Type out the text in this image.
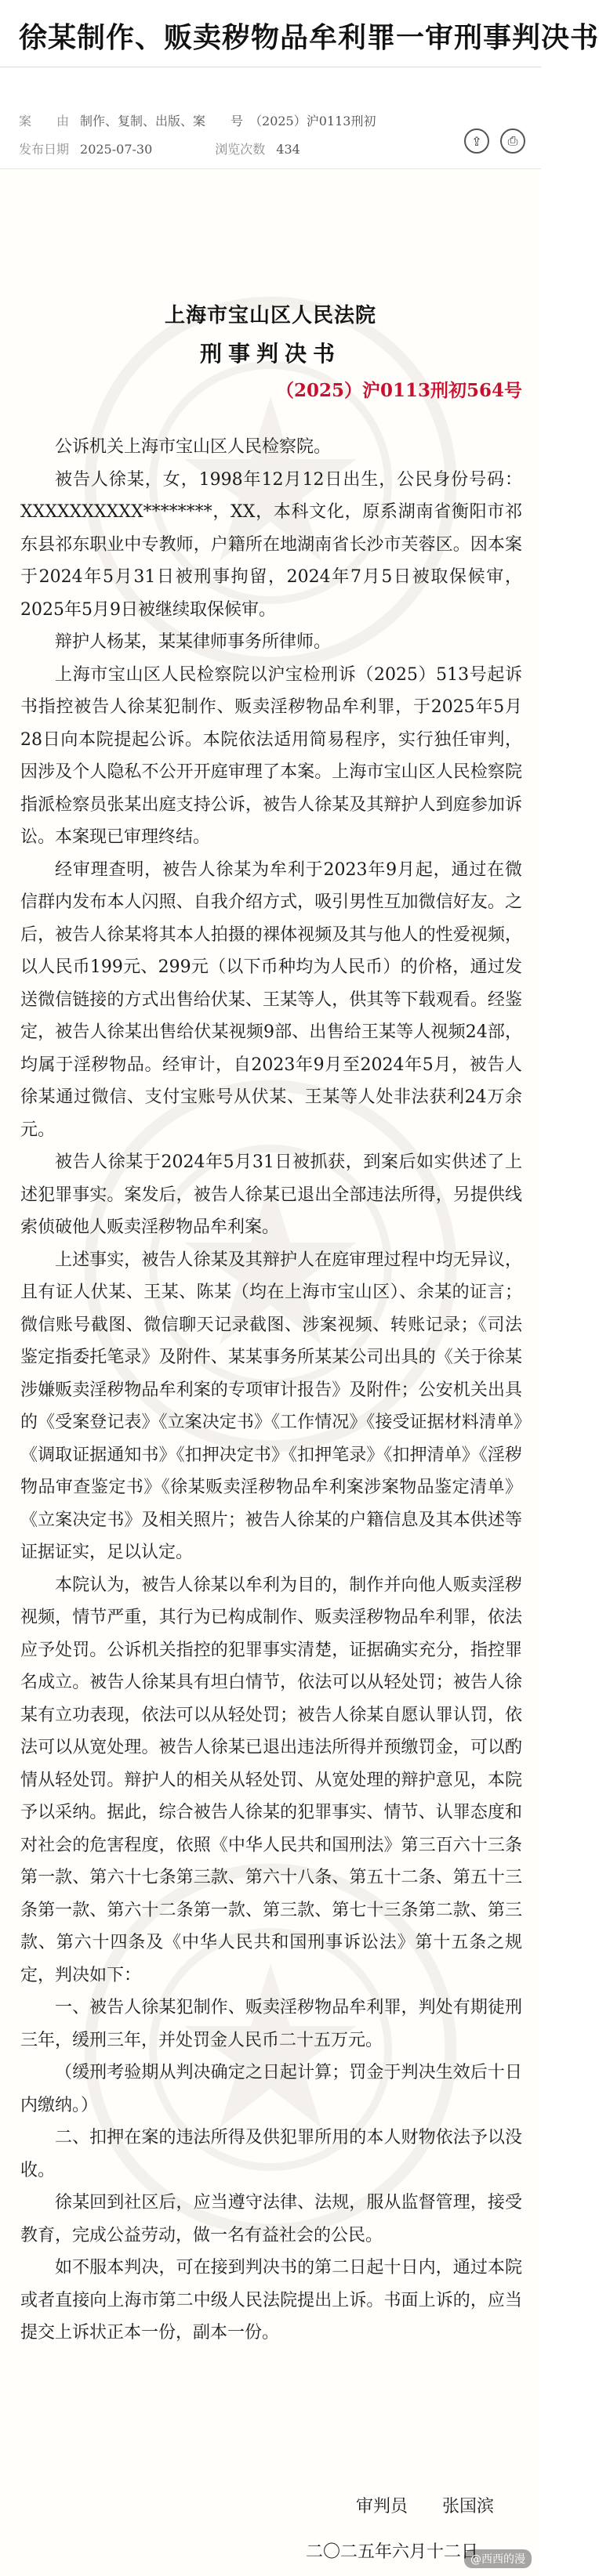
徐某制作、贩卖秽物品牟利罪一审刑事判决书
案　　由 制作、复制、出版、案　　号　（2025）沪0113刑初
发布日期 2025-07-30	浏览次数 434
⇪	⎙
上海市宝山区人民法院
刑事判决书
（2025）沪0113刑初564号

公诉机关上海市宝山区人民检察院。

被告人徐某，女，1998年12月12日出生，公民身份号码：XXXXXXXXXX********，XX，本科文化，原系湖南省衡阳市祁东县祁东职业中专教师，户籍所在地湖南省长沙市芙蓉区。因本案于2024年5月31日被刑事拘留，2024年7月5日被取保候审，2025年5月9日被继续取保候审。

辩护人杨某，某某律师事务所律师。

上海市宝山区人民检察院以沪宝检刑诉（2025）513号起诉书指控被告人徐某犯制作、贩卖淫秽物品牟利罪，于2025年5月28日向本院提起公诉。本院依法适用简易程序，实行独任审判，因涉及个人隐私不公开开庭审理了本案。上海市宝山区人民检察院指派检察员张某出庭支持公诉，被告人徐某及其辩护人到庭参加诉讼。本案现已审理终结。

经审理查明，被告人徐某为牟利于2023年9月起，通过在微信群内发布本人闪照、自我介绍方式，吸引男性互加微信好友。之后，被告人徐某将其本人拍摄的裸体视频及其与他人的性爱视频，以人民币199元、299元（以下币种均为人民币）的价格，通过发送微信链接的方式出售给伏某、王某等人，供其等下载观看。经鉴定，被告人徐某出售给伏某视频9部、出售给王某等人视频24部，均属于淫秽物品。经审计，自2023年9月至2024年5月，被告人徐某通过微信、支付宝账号从伏某、王某等人处非法获利24万余元。

被告人徐某于2024年5月31日被抓获，到案后如实供述了上述犯罪事实。案发后，被告人徐某已退出全部违法所得，另提供线索侦破他人贩卖淫秽物品牟利案。

上述事实，被告人徐某及其辩护人在庭审理过程中均无异议，且有证人伏某、王某、陈某（均在上海市宝山区）、余某的证言；微信账号截图、微信聊天记录截图、涉案视频、转账记录；《司法鉴定指委托笔录》及附件、某某事务所某某公司出具的《关于徐某涉嫌贩卖淫秽物品牟利案的专项审计报告》及附件；公安机关出具的《受案登记表》《立案决定书》《工作情况》《接受证据材料清单》《调取证据通知书》《扣押决定书》《扣押笔录》《扣押清单》《淫秽物品审查鉴定书》《徐某贩卖淫秽物品牟利案涉案物品鉴定清单》《立案决定书》及相关照片；被告人徐某的户籍信息及其本供述等证据证实，足以认定。

本院认为，被告人徐某以牟利为目的，制作并向他人贩卖淫秽视频，情节严重，其行为已构成制作、贩卖淫秽物品牟利罪，依法应予处罚。公诉机关指控的犯罪事实清楚，证据确实充分，指控罪名成立。被告人徐某具有坦白情节，依法可以从轻处罚；被告人徐某有立功表现，依法可以从轻处罚；被告人徐某自愿认罪认罚，依法可以从宽处理。被告人徐某已退出违法所得并预缴罚金，可以酌情从轻处罚。辩护人的相关从轻处罚、从宽处理的辩护意见，本院予以采纳。据此，综合被告人徐某的犯罪事实、情节、认罪态度和对社会的危害程度，依照《中华人民共和国刑法》第三百六十三条第一款、第六十七条第三款、第六十八条、第五十二条、第五十三条第一款、第六十二条第一款、第三款、第七十三条第二款、第三款、第六十四条及《中华人民共和国刑事诉讼法》第十五条之规定，判决如下：

一、被告人徐某犯制作、贩卖淫秽物品牟利罪，判处有期徒刑三年，缓刑三年，并处罚金人民币二十五万元。

（缓刑考验期从判决确定之日起计算；罚金于判决生效后十日内缴纳。）

二、扣押在案的违法所得及供犯罪所用的本人财物依法予以没收。

徐某回到社区后，应当遵守法律、法规，服从监督管理，接受教育，完成公益劳动，做一名有益社会的公民。

如不服本判决，可在接到判决书的第二日起十日内，通过本院或者直接向上海市第二中级人民法院提出上诉。书面上诉的，应当提交上诉状正本一份，副本一份。

审判员　　 张国滨
二〇二五年六月十二日
@西西的漫
